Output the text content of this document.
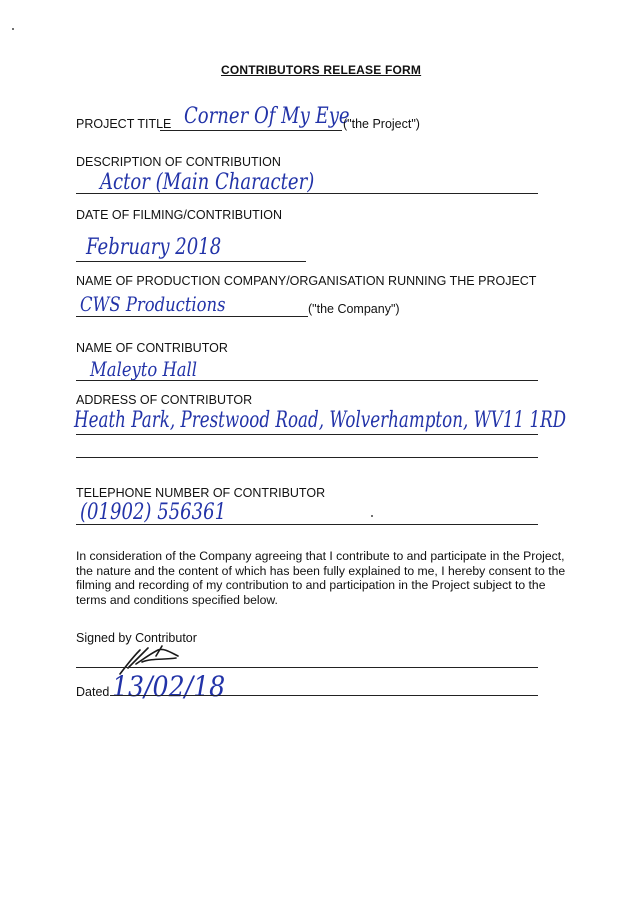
CONTRIBUTORS RELEASE FORM
PROJECT TITLE Corner Of My Eye
("the Project")
DESCRIPTION OF CONTRIBUTION
Actor (Main Character)
DATE OF FILMING/CONTRIBUTION
February 2018
NAME OF PRODUCTION COMPANY/ORGANISATION RUNNING THE PROJECT
CWS Productions	("the Company")
NAME OF CONTRIBUTOR
Maleyto Hall
ADDRESS OF CONTRIBUTOR
Heath Park, Prestwood Road, Wolverhampton, WV11 1RD
TELEPHONE NUMBER OF CONTRIBUTOR
(01902) 556361
In consideration of the Company agreeing that I contribute to and participate in the Project, the nature and the content of which has been fully explained to me, I hereby consent to the filming and recording of my contribution to and participation in the Project subject to the terms and conditions specified below.
Signed by Contributor
Dated 13/02/18
